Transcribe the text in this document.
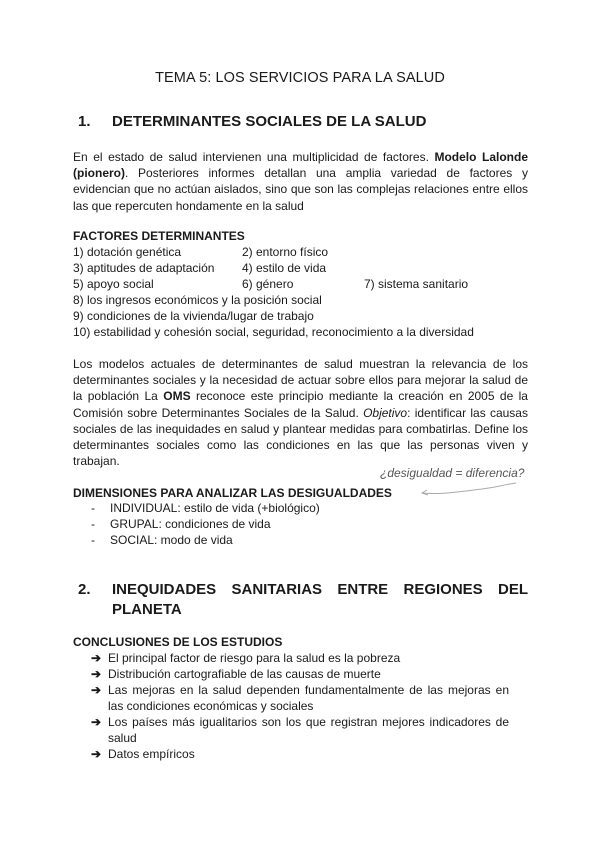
TEMA 5: LOS SERVICIOS PARA LA SALUD
1. DETERMINANTES SOCIALES DE LA SALUD
En el estado de salud intervienen una multiplicidad de factores. Modelo Lalonde (pionero). Posteriores informes detallan una amplia variedad de factores y evidencian que no actúan aislados, sino que son las complejas relaciones entre ellos las que repercuten hondamente en la salud
FACTORES DETERMINANTES
1) dotación genética	2) entorno físico
3) aptitudes de adaptación 4) estilo de vida
5) apoyo social	6) género	7) sistema sanitario
8) los ingresos económicos y la posición social
9) condiciones de la vivienda/lugar de trabajo
10) estabilidad y cohesión social, seguridad, reconocimiento a la diversidad
Los modelos actuales de determinantes de salud muestran la relevancia de los determinantes sociales y la necesidad de actuar sobre ellos para mejorar la salud de la población La OMS reconoce este principio mediante la creación en 2005 de la Comisión sobre Determinantes Sociales de la Salud. Objetivo: identificar las causas sociales de las inequidades en salud y plantear medidas para combatirlas. Define los determinantes sociales como las condiciones en las que las personas viven y trabajan.
¿desigualdad = diferencia?
DIMENSIONES PARA ANALIZAR LAS DESIGUALDADES
- INDIVIDUAL: estilo de vida (+biológico)
- GRUPAL: condiciones de vida
- SOCIAL: modo de vida
2. INEQUIDADES SANITARIAS ENTRE REGIONES DEL
PLANETA
CONCLUSIONES DE LOS ESTUDIOS
➔ El principal factor de riesgo para la salud es la pobreza
➔ Distribución cartografiable de las causas de muerte
➔ Las mejoras en la salud dependen fundamentalmente de las mejoras en las condiciones económicas y sociales
➔ Los países más igualitarios son los que registran mejores indicadores de salud
➔ Datos empíricos
